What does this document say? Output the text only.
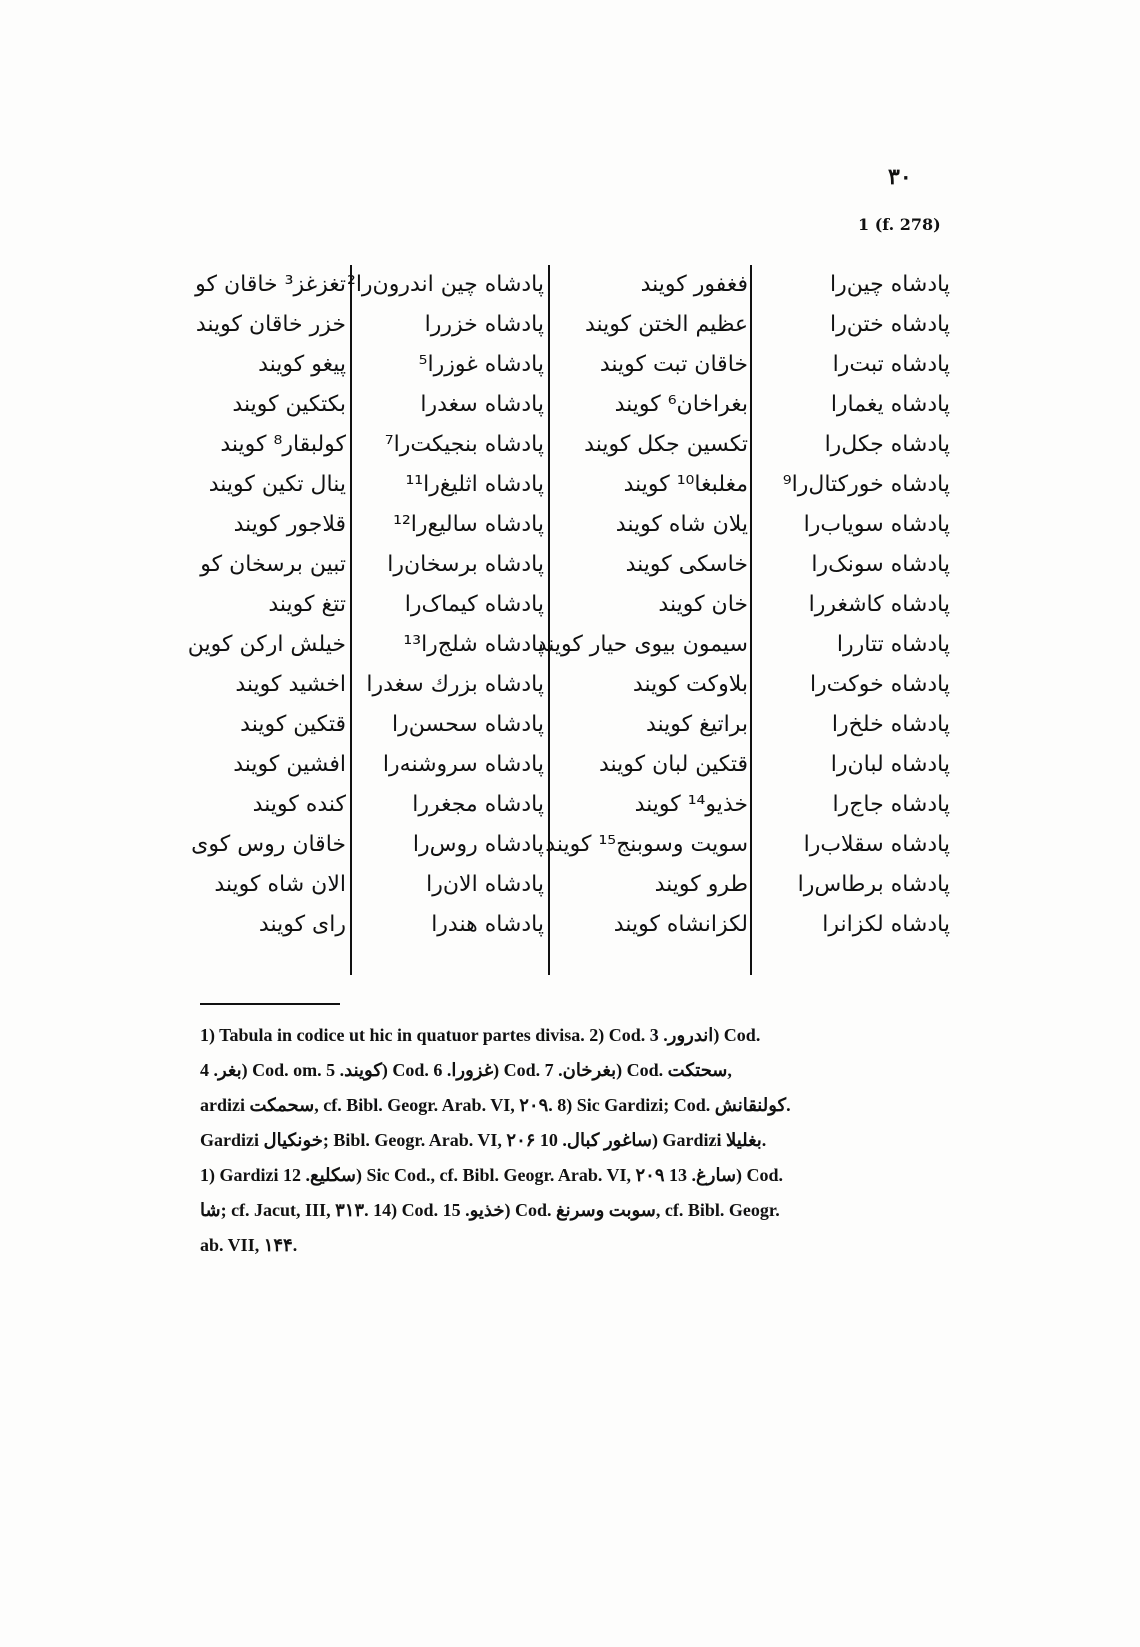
۳۰
1 (f. 278)
پادشاه چین‌را
فغفور کویند
پادشاه چین اندرون‌را²
تغزغز³ خاقان کو
پادشاه ختن‌را
عظیم الختن کویند
پادشاه خزررا
خزر خاقان کویند
پادشاه تبت‌را
خاقان تبت کویند
پادشاه غوزرا⁵
پیغو کویند
پادشاه یغمارا
بغراخان⁶ کویند
پادشاه سغدرا
بکتکین کویند
پادشاه جکل‌را
تکسین جکل کویند
پادشاه بنجیکت‌را⁷
کولبقار⁸ کویند
پادشاه خورکتال‌را⁹
مغلبغا¹⁰ کویند
پادشاه اثلیغ‌را¹¹
ینال تکین کویند
پادشاه سویاب‌را
یلان شاه کویند
پادشاه سالیع‌را¹²
قلاجور کویند
پادشاه سونک‌را
خاسکی کویند
پادشاه برسخان‌را
تبین برسخان کو
پادشاه کاشغررا
خان کویند
پادشاه کیماک‌را
تتغ کویند
پادشاه تتاررا
سیمون بیوی حیار کویند
پادشاه شلج‌را¹³
خیلش ارکن کوین
پادشاه خوکت‌را
بلاوکت کویند
پادشاه بزرك سغدرا
اخشید کویند
پادشاه خلخ‌را
براتیغ کویند
پادشاه سحسن‌را
قتکین کویند
پادشاه لبان‌را
قتکین لبان کویند
پادشاه سروشنه‌را
افشین کویند
پادشاه جاج‌را
خذیو¹⁴ کویند
پادشاه مجغررا
کنده کویند
پادشاه سقلاب‌را
سویت وسوبنج¹⁵ کویند
پادشاه روس‌را
خاقان روس کوی
پادشاه برطاس‌را
طرو کویند
پادشاه الان‌را
الان شاه کویند
پادشاه لکزانرا
لکزانشاه کویند
پادشاه هندرا
رای کویند
1) Tabula in codice ut hic in quatuor partes divisa. 2) Cod. اندرور. 3) Cod.
بغر. 4) Cod. om. کویند. 5) Cod. غزورا. 6) Cod. بغرخان. 7) Cod. سحتکت,
ardizi سحمکت, cf. Bibl. Geogr. Arab. VI, ۲۰۹. 8) Sic Gardizi; Cod. کولنقانش.
Gardizi خونکیال; Bibl. Geogr. Arab. VI, ۲۰۶ ساغور کبال. 10) Gardizi بغلیلا.
1) Gardizi سکلیع. 12) Sic Cod., cf. Bibl. Geogr. Arab. VI, ۲۰۹ سارغ. 13) Cod.
شا; cf. Jacut, III, ۳۱۳. 14) Cod. خذیو. 15) Cod. سوبت وسرنغ, cf. Bibl. Geogr.
ab. VII, ۱۴۴.
